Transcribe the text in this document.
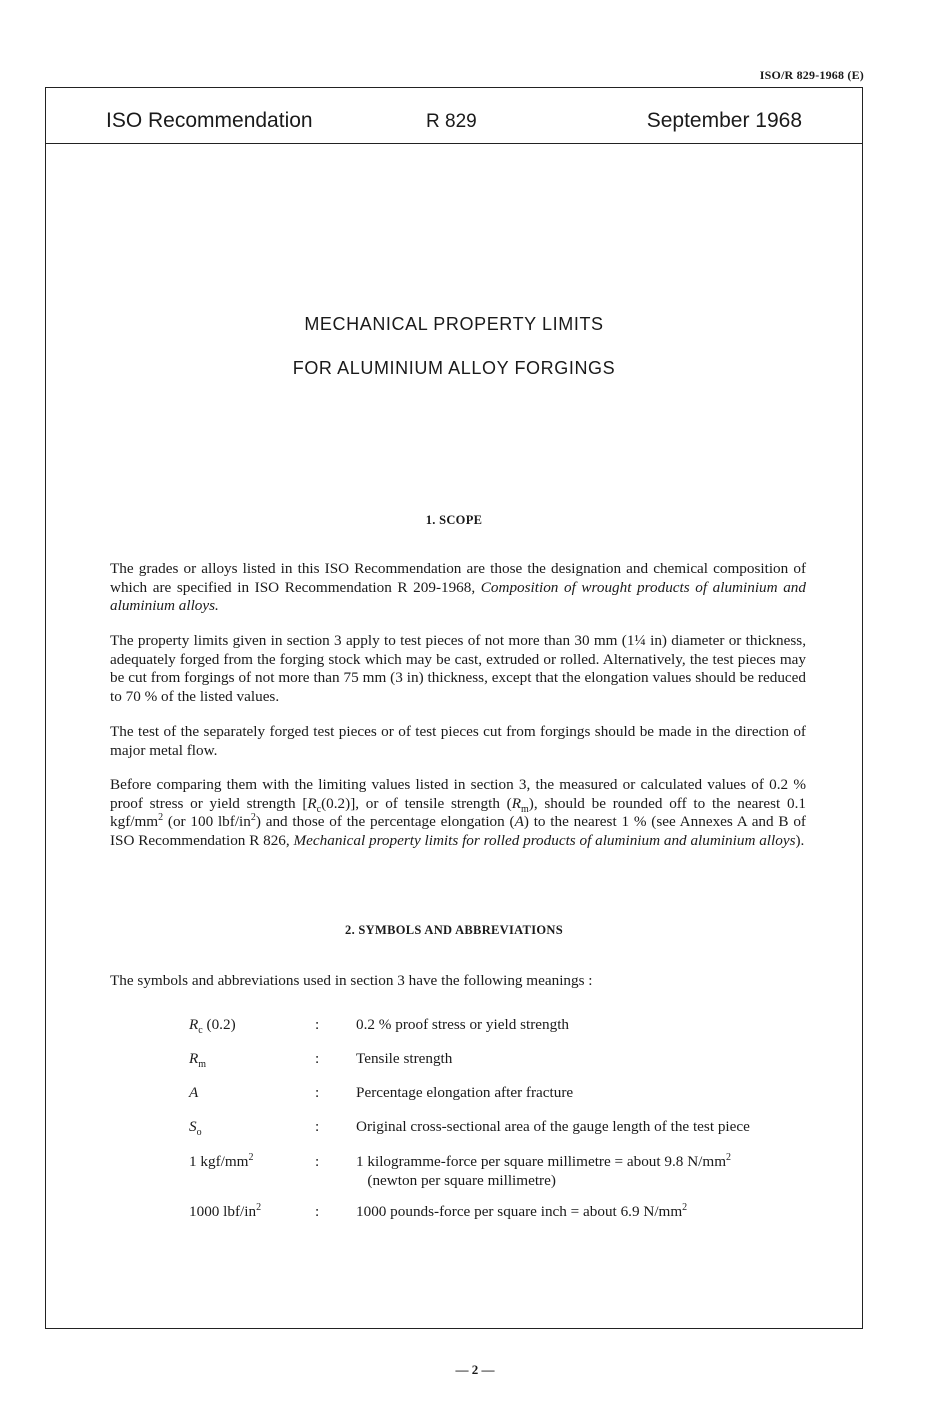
ISO/R 829-1968 (E)
ISO Recommendation	R 829	September 1968
MECHANICAL PROPERTY LIMITS
FOR ALUMINIUM ALLOY FORGINGS
1. SCOPE

The grades or alloys listed in this ISO Recommendation are those the designation and chemical composition of which are specified in ISO Recommendation R 209-1968, Composition of wrought products of aluminium and aluminium alloys.

The property limits given in section 3 apply to test pieces of not more than 30 mm (1¼ in) diameter or thickness, adequately forged from the forging stock which may be cast, extruded or rolled. Alternatively, the test pieces may be cut from forgings of not more than 75 mm (3 in) thickness, except that the elongation values should be reduced to 70 % of the listed values.

The test of the separately forged test pieces or of test pieces cut from forgings should be made in the direction of major metal flow.

Before comparing them with the limiting values listed in section 3, the measured or calculated values of 0.2 % proof stress or yield strength $[R_c(0.2)]$, or of tensile strength $(R_m)$, should be rounded off to the nearest 0.1 kgf/$mm^2$ (or 100 lbf/$in^2$) and those of the percentage elongation (A) to the nearest 1 % (see Annexes A and B of ISO Recommendation R 826, Mechanical property limits for rolled products of aluminium and aluminium alloys).

2. SYMBOLS AND ABBREVIATIONS

The symbols and abbreviations used in section 3 have the following meanings :

$R_c$ (0.2)	: 0.2 % proof stress or yield strength
$R_m$	: Tensile strength
A	: Percentage elongation after fracture
$S_o$	: Original cross-sectional area of the gauge length of the test piece
1 kgf/$mm^2$	: 1 kilogramme-force per square millimetre = about 9.8 $N/mm^2$
(newton per square millimetre)
1000 lbf/$in^2$	: 1000 pounds-force per square inch = about 6.9 $N/mm^2$
— 2 —
